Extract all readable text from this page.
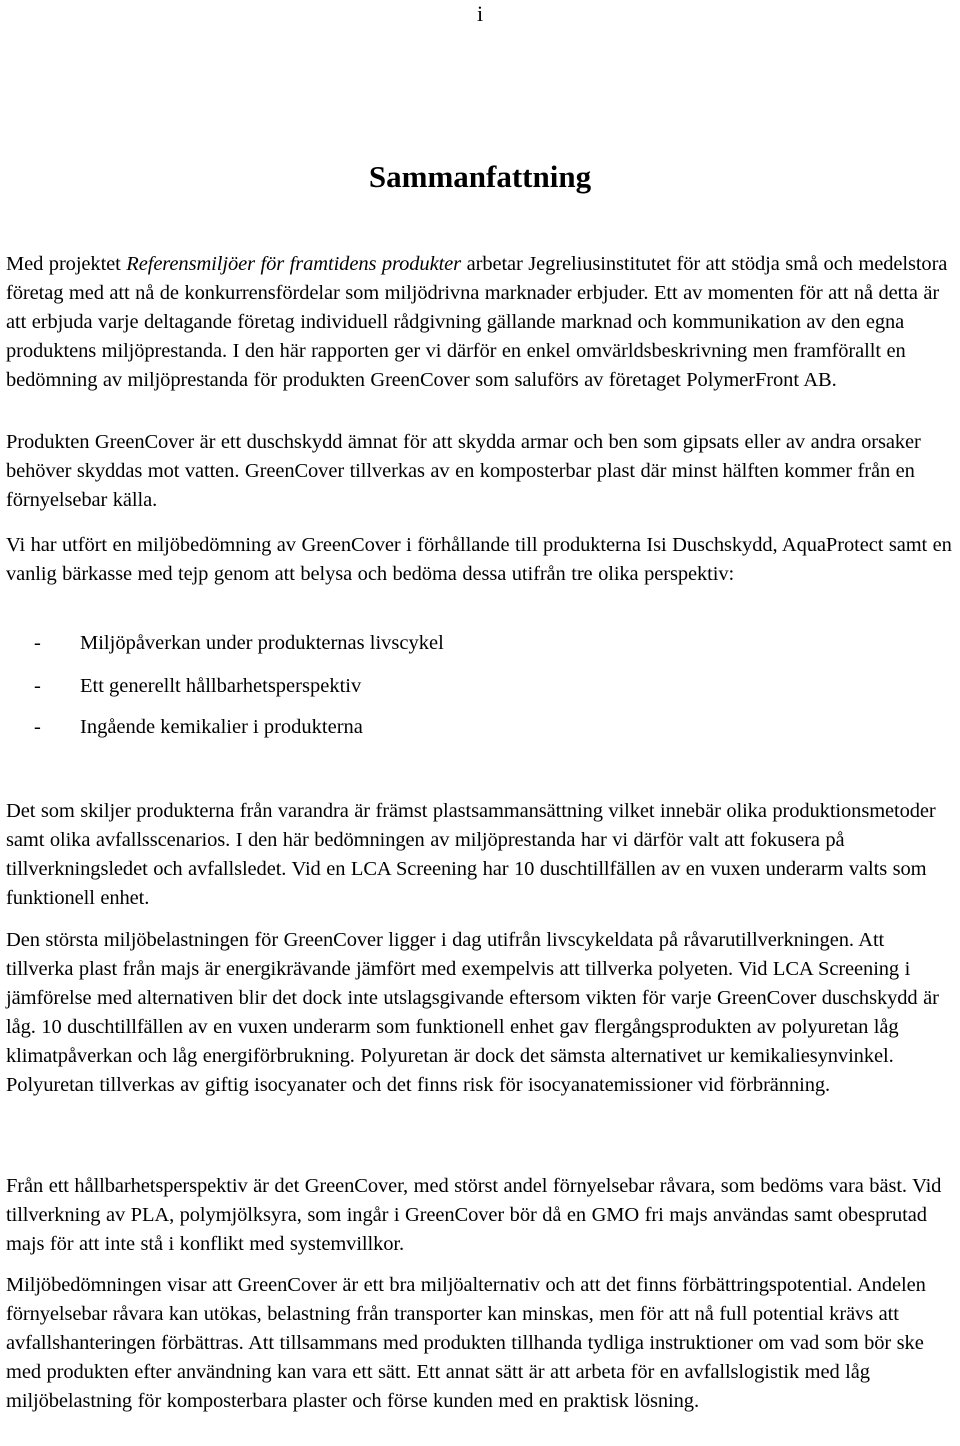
i
Sammanfattning

Med projektet Referensmiljöer för framtidens produkter arbetar Jegreliusinstitutet för att stödja små och medelstora företag med att nå de konkurrensfördelar som miljödrivna marknader erbjuder. Ett av momenten för att nå detta är att erbjuda varje deltagande företag individuell rådgivning gällande marknad och kommunikation av den egna produktens miljöprestanda. I den här rapporten ger vi därför en enkel omvärldsbeskrivning men framförallt en bedömning av miljöprestanda för produkten GreenCover som saluförs av företaget PolymerFront AB.

Produkten GreenCover är ett duschskydd ämnat för att skydda armar och ben som gipsats eller av andra orsaker behöver skyddas mot vatten. GreenCover tillverkas av en komposterbar plast där minst hälften kommer från en förnyelsebar källa.

Vi har utfört en miljöbedömning av GreenCover i förhållande till produkterna Isi Duschskydd, AquaProtect samt en vanlig bärkasse med tejp genom att belysa och bedöma dessa utifrån tre olika perspektiv:

-	Miljöpåverkan under produkternas livscykel
-	Ett generellt hållbarhetsperspektiv
-	Ingående kemikalier i produkterna

Det som skiljer produkterna från varandra är främst plastsammansättning vilket innebär olika produktionsmetoder samt olika avfallsscenarios. I den här bedömningen av miljöprestanda har vi därför valt att fokusera på tillverkningsledet och avfallsledet. Vid en LCA Screening har 10 duschtillfällen av en vuxen underarm valts som funktionell enhet.

Den största miljöbelastningen för GreenCover ligger i dag utifrån livscykeldata på råvarutillverkningen. Att tillverka plast från majs är energikrävande jämfört med exempelvis att tillverka polyeten. Vid LCA Screening i jämförelse med alternativen blir det dock inte utslagsgivande eftersom vikten för varje GreenCover duschskydd är låg. 10 duschtillfällen av en vuxen underarm som funktionell enhet gav flergångsprodukten av polyuretan låg klimatpåverkan och låg energiförbrukning. Polyuretan är dock det sämsta alternativet ur kemikaliesynvinkel. Polyuretan tillverkas av giftig isocyanater och det finns risk för isocyanatemissioner vid förbränning.

Från ett hållbarhetsperspektiv är det GreenCover, med störst andel förnyelsebar råvara, som bedöms vara bäst. Vid tillverkning av PLA, polymjölksyra, som ingår i GreenCover bör då en GMO fri majs användas samt obesprutad majs för att inte stå i konflikt med systemvillkor.

Miljöbedömningen visar att GreenCover är ett bra miljöalternativ och att det finns förbättringspotential. Andelen förnyelsebar råvara kan utökas, belastning från transporter kan minskas, men för att nå full potential krävs att avfallshanteringen förbättras. Att tillsammans med produkten tillhanda tydliga instruktioner om vad som bör ske med produkten efter användning kan vara ett sätt. Ett annat sätt är att arbeta för en avfallslogistik med låg miljöbelastning för komposterbara plaster och förse kunden med en praktisk lösning.
